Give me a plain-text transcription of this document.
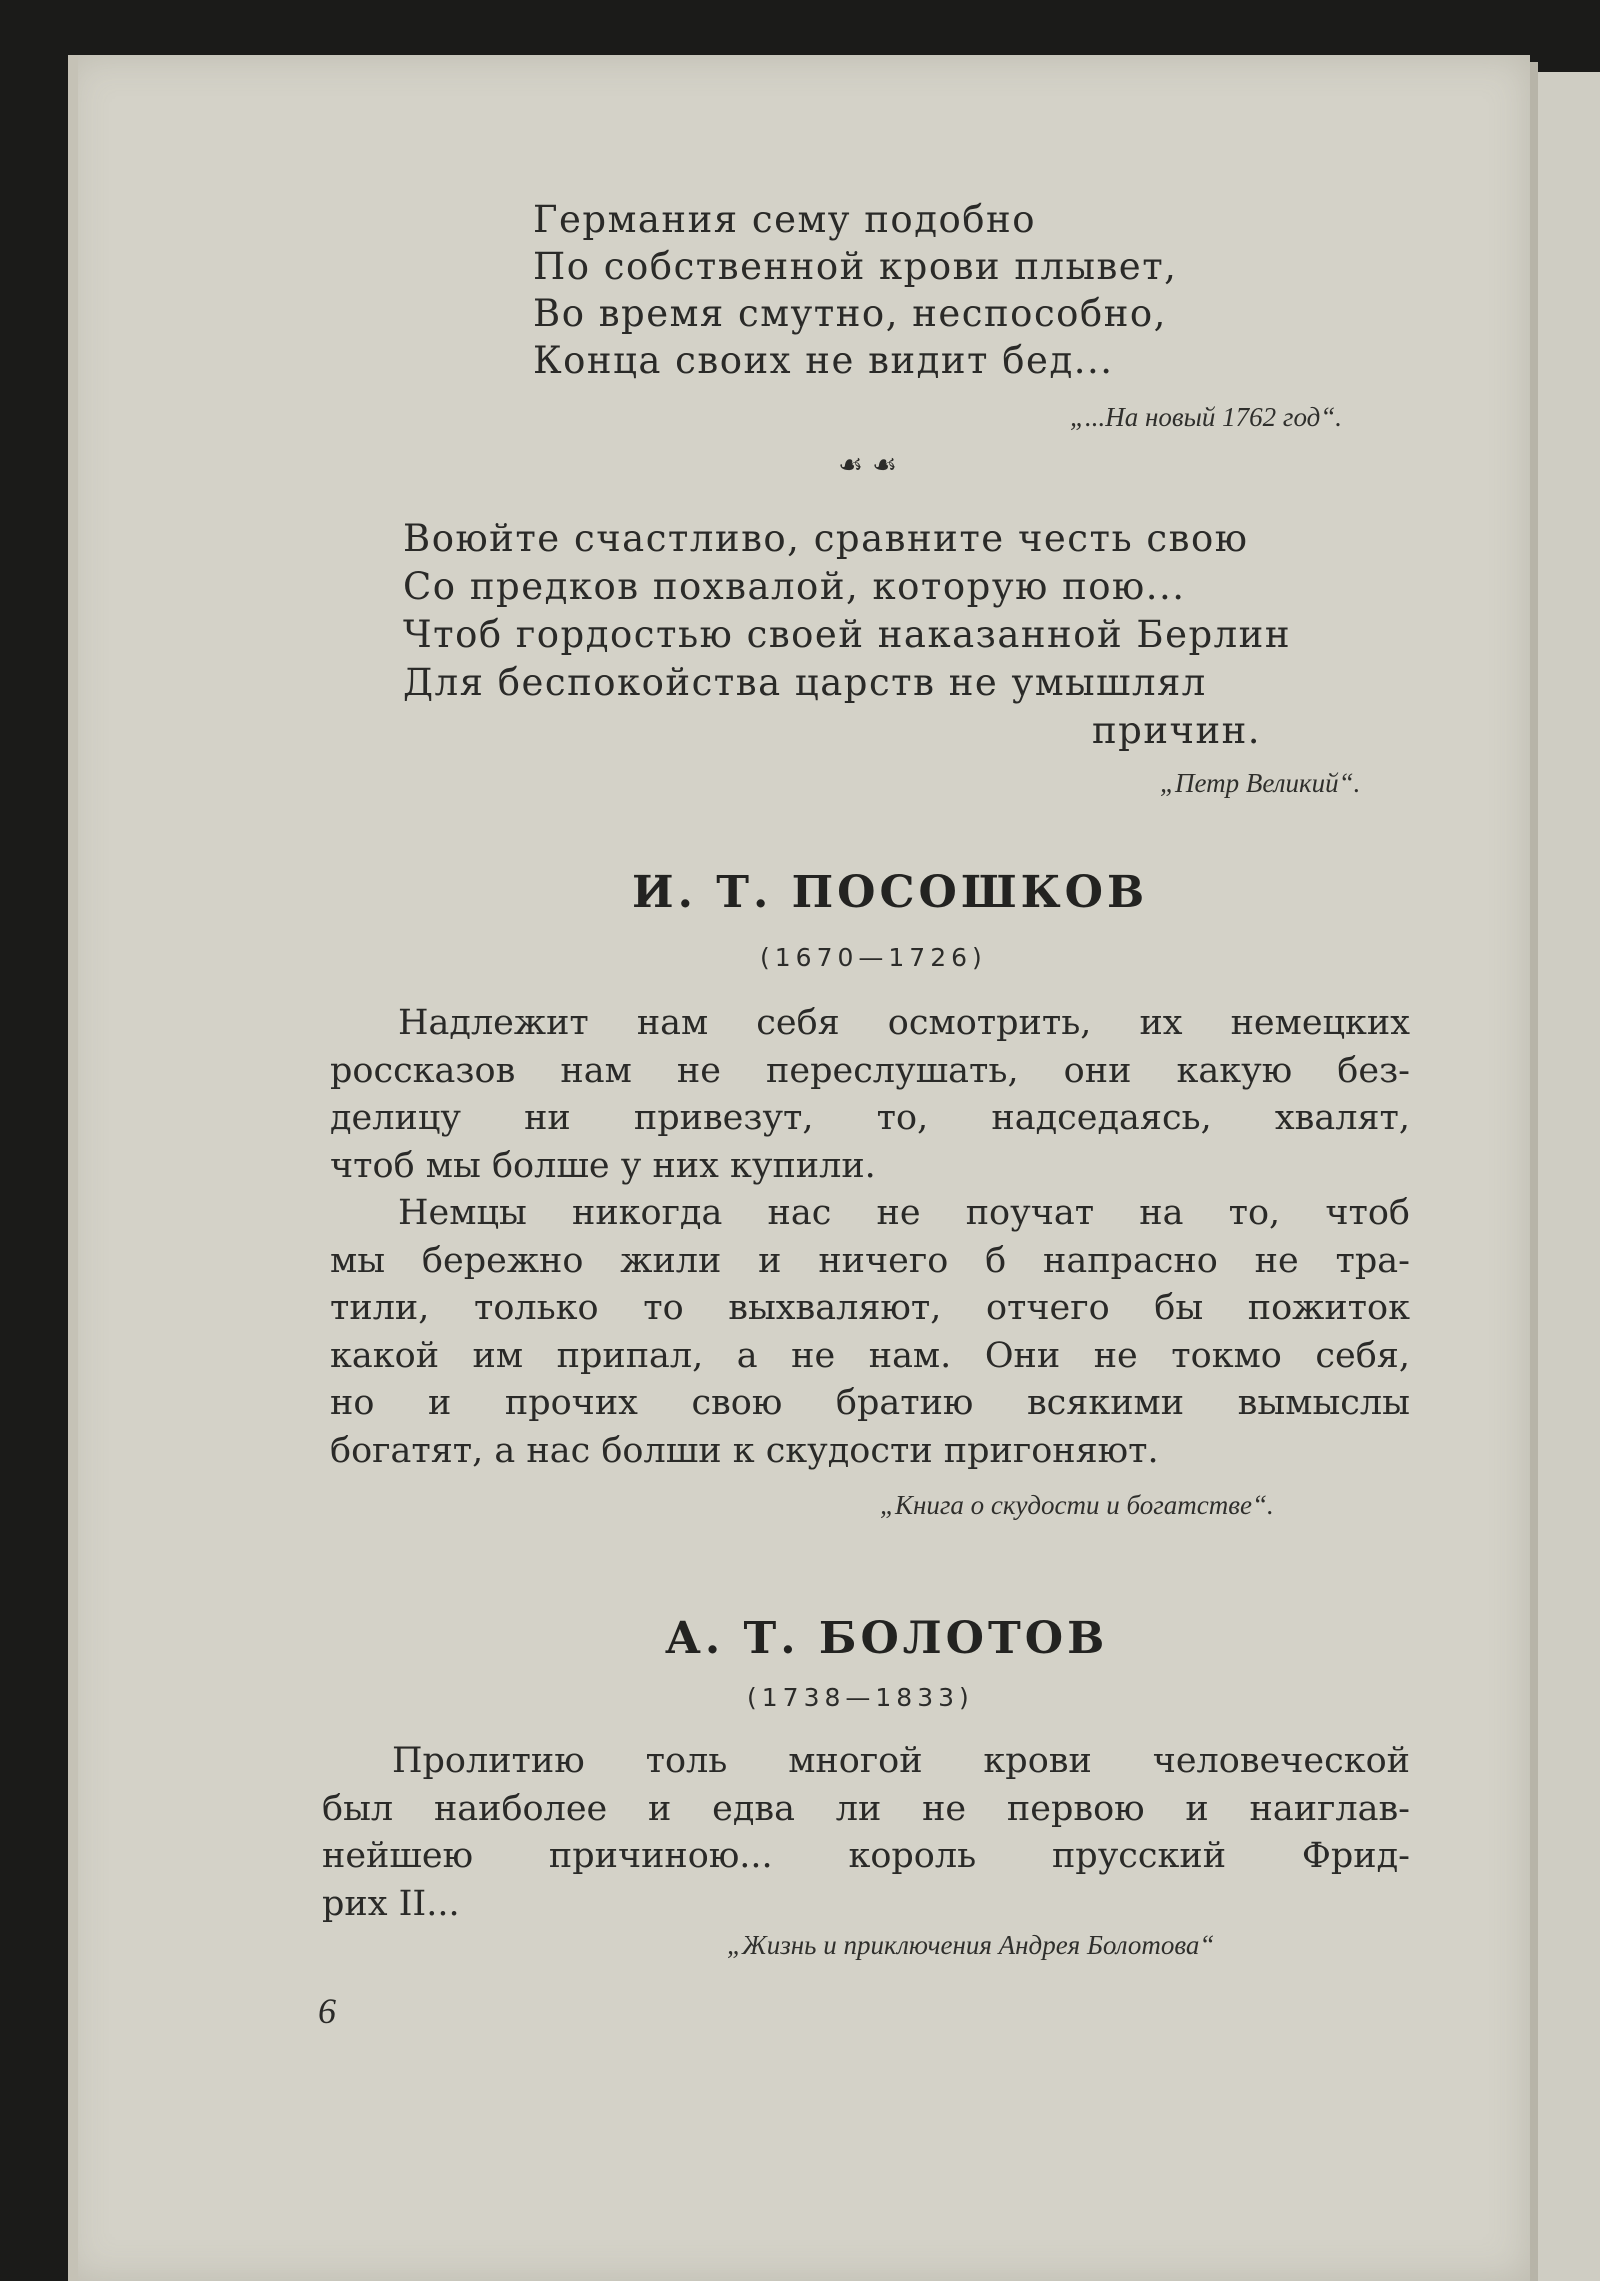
Германия сему подобно
По собственной крови плывет,
Во время смутно, неспособно,
Конца своих не видит бед...
„...На новый 1762 год“.
☙ ☙
Воюйте счастливо, сравните честь свою
Со предков похвалой, которую пою...
Чтоб гордостью своей наказанной Берлин
Для беспокойства царств не умышлял
причин.
„Петр Великий“.
И. Т. ПОСОШКОВ
(1670—1726)
Надлежит нам себя осмотрить, их немецких
россказов нам не переслушать, они какую без-
делицу ни привезут, то, надседаясь, хвалят,
чтоб мы болше у них купили.
Немцы никогда нас не поучат на то, чтоб
мы бережно жили и ничего б напрасно не тра-
тили, только то выхваляют, отчего бы пожиток
какой им припал, а не нам. Они не токмо себя,
но и прочих свою братию всякими вымыслы
богатят, а нас болши к скудости пригоняют.
„Книга о скудости и богатстве“.
А. Т. БОЛОТОВ
(1738—1833)
Пролитию толь многой крови человеческой
был наиболее и едва ли не первою и наиглав-
нейшею причиною... король прусский Фрид-
рих II...
„Жизнь и приключения Андрея Болотова“
6
